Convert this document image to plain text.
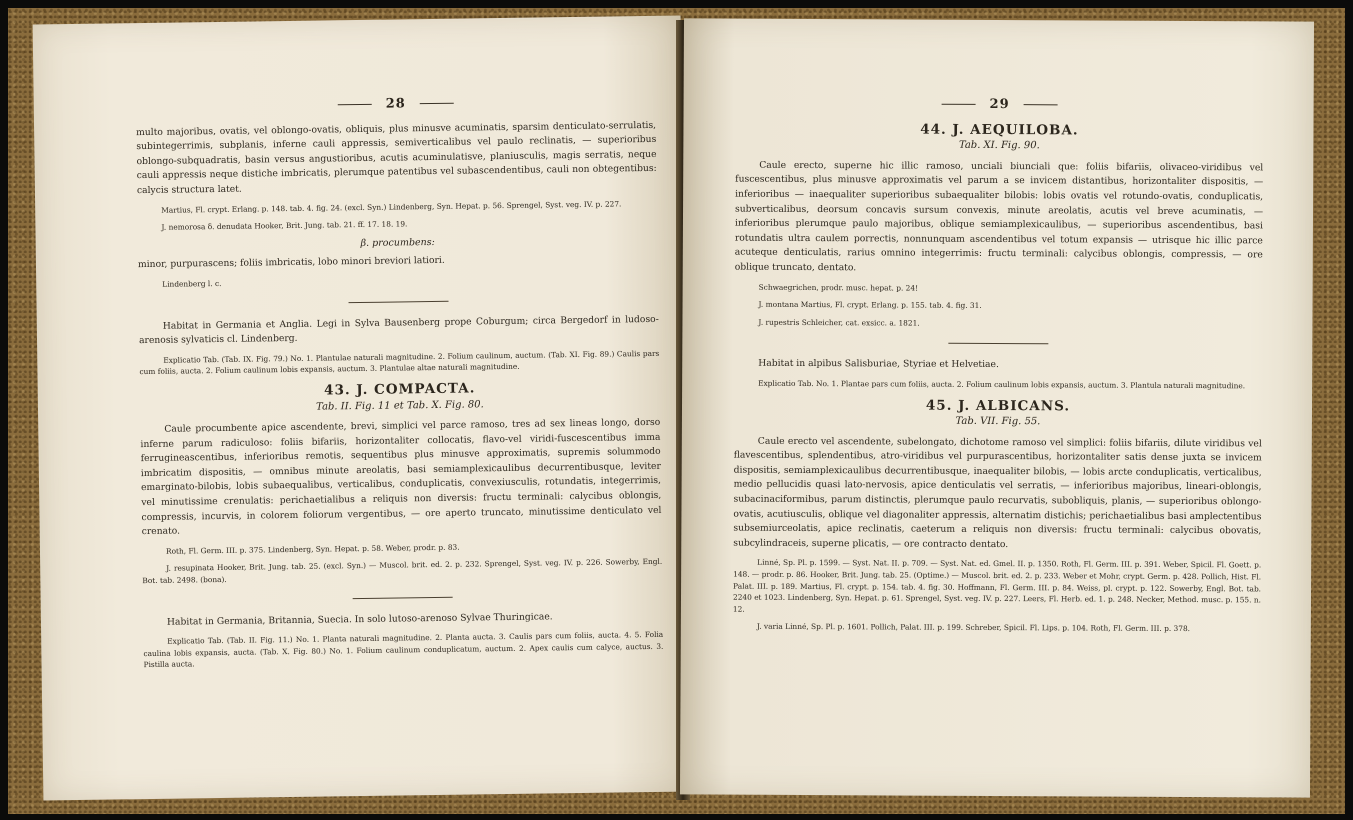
28

multo majoribus, ovatis, vel oblongo-ovatis, obliquis, plus minusve acuminatis, sparsim denticulato-serrulatis, subintegerrimis, subplanis, inferne cauli appressis, semiverticalibus vel paulo reclinatis, — superioribus oblongo-subquadratis, basin versus angustioribus, acutis acuminulatisve, planiusculis, magis serratis, neque cauli appressis neque distiche imbricatis, plerumque patentibus vel subascendentibus, cauli non obtegentibus: calycis structura latet.

Martius, Fl. crypt. Erlang. p. 148. tab. 4. fig. 24. (excl. Syn.) Lindenberg, Syn. Hepat. p. 56. Sprengel, Syst. veg. IV. p. 227.

J. nemorosa δ. denudata Hooker, Brit. Jung. tab. 21. ff. 17. 18. 19.

β. procumbens:

minor, purpurascens; foliis imbricatis, lobo minori breviori latiori.

Lindenberg l. c.

Habitat in Germania et Anglia. Legi in Sylva Bausenberg prope Coburgum; circa Bergedorf in ludoso-arenosis sylvaticis cl. Lindenberg.

Explicatio Tab. (Tab. IX. Fig. 79.) No. 1. Plantulae naturali magnitudine. 2. Folium caulinum, auctum. (Tab. XI. Fig. 89.) Caulis pars cum foliis, aucta. 2. Folium caulinum lobis expansis, auctum. 3. Plantulae altae naturali magnitudine.

43. J. COMPACTA.
Tab. II. Fig. 11 et Tab. X. Fig. 80.

Caule procumbente apice ascendente, brevi, simplici vel parce ramoso, tres ad sex lineas longo, dorso inferne parum radiculoso: foliis bifariis, horizontaliter collocatis, flavo-vel viridi-fuscescentibus imma ferrugineascentibus, inferioribus remotis, sequentibus plus minusve approximatis, supremis solummodo imbricatim dispositis, — omnibus minute areolatis, basi semiamplexicaulibus decurrentibusque, leviter emarginato-bilobis, lobis subaequalibus, verticalibus, conduplicatis, convexiusculis, rotundatis, integerrimis, vel minutissime crenulatis: perichaetialibus a reliquis non diversis: fructu terminali: calycibus oblongis, compressis, incurvis, in colorem foliorum vergentibus, — ore aperto truncato, minutissime denticulato vel crenato.

Roth, Fl. Germ. III. p. 375. Lindenberg, Syn. Hepat. p. 58. Weber, prodr. p. 83.

J. resupinata Hooker, Brit. Jung. tab. 25. (excl. Syn.) — Muscol. brit. ed. 2. p. 232. Sprengel, Syst. veg. IV. p. 226. Sowerby, Engl. Bot. tab. 2498. (bona).

Habitat in Germania, Britannia, Suecia. In solo lutoso-arenoso Sylvae Thuringicae.

Explicatio Tab. (Tab. II. Fig. 11.) No. 1. Planta naturali magnitudine. 2. Planta aucta. 3. Caulis pars cum foliis, aucta. 4. 5. Folia caulina lobis expansis, aucta. (Tab. X. Fig. 80.) No. 1. Folium caulinum conduplicatum, auctum. 2. Apex caulis cum calyce, auctus. 3. Pistilla aucta.

29
44. J. AEQUILOBA.
Tab. XI. Fig. 90.

Caule erecto, superne hic illic ramoso, unciali biunciali que: foliis bifariis, olivaceo-viridibus vel fuscescentibus, plus minusve approximatis vel parum a se invicem distantibus, horizontaliter dispositis, — inferioribus — inaequaliter superioribus subaequaliter bilobis: lobis ovatis vel rotundo-ovatis, conduplicatis, subverticalibus, deorsum concavis sursum convexis, minute areolatis, acutis vel breve acuminatis, — inferioribus plerumque paulo majoribus, oblique semiamplexicaulibus, — superioribus ascendentibus, basi rotundatis ultra caulem porrectis, nonnunquam ascendentibus vel totum expansis — utrisque hic illic parce acuteque denticulatis, rarius omnino integerrimis: fructu terminali: calycibus oblongis, compressis, — ore oblique truncato, dentato.

Schwaegrichen, prodr. musc. hepat. p. 24!

J. montana Martius, Fl. crypt. Erlang. p. 155. tab. 4. fig. 31.

J. rupestris Schleicher, cat. exsicc. a. 1821.

Habitat in alpibus Salisburiae, Styriae et Helvetiae.

Explicatio Tab. No. 1. Plantae pars cum foliis, aucta. 2. Folium caulinum lobis expansis, auctum. 3. Plantula naturali magnitudine.

45. J. ALBICANS.
Tab. VII. Fig. 55.

Caule erecto vel ascendente, subelongato, dichotome ramoso vel simplici: foliis bifariis, dilute viridibus vel flavescentibus, splendentibus, atro-viridibus vel purpurascentibus, horizontaliter satis dense juxta se invicem dispositis, semiamplexicaulibus decurrentibusque, inaequaliter bilobis, — lobis arcte conduplicatis, verticalibus, medio pellucidis quasi lato-nervosis, apice denticulatis vel serratis, — inferioribus majoribus, lineari-oblongis, subacinaciformibus, parum distinctis, plerumque paulo recurvatis, subobliquis, planis, — superioribus oblongo-ovatis, acutiusculis, oblique vel diagonaliter appressis, alternatim distichis; perichaetialibus basi amplectentibus subsemiurceolatis, apice reclinatis, caeterum a reliquis non diversis: fructu terminali: calycibus obovatis, subcylindraceis, superne plicatis, — ore contracto dentato.

Linné, Sp. Pl. p. 1599. — Syst. Nat. II. p. 709. — Syst. Nat. ed. Gmel. II. p. 1350. Roth, Fl. Germ. III. p. 391. Weber, Spicil. Fl. Goett. p. 148. — prodr. p. 86. Hooker, Brit. Jung. tab. 25. (Optime.) — Muscol. brit. ed. 2. p. 233. Weber et Mohr, crypt. Germ. p. 428. Pollich, Hist. Fl. Palat. III. p. 189. Martius, Fl. crypt. p. 154. tab. 4. fig. 30. Hoffmann, Fl. Germ. III. p. 84. Weiss, pl. crypt. p. 122. Sowerby, Engl. Bot. tab. 2240 et 1023. Lindenberg, Syn. Hepat. p. 61. Sprengel, Syst. veg. IV. p. 227. Leers, Fl. Herb. ed. 1. p. 248. Necker, Method. musc. p. 155. n. 12.

J. varia Linné, Sp. Pl. p. 1601. Pollich, Palat. III. p. 199. Schreber, Spicil. Fl. Lips. p. 104. Roth, Fl. Germ. III. p. 378.
